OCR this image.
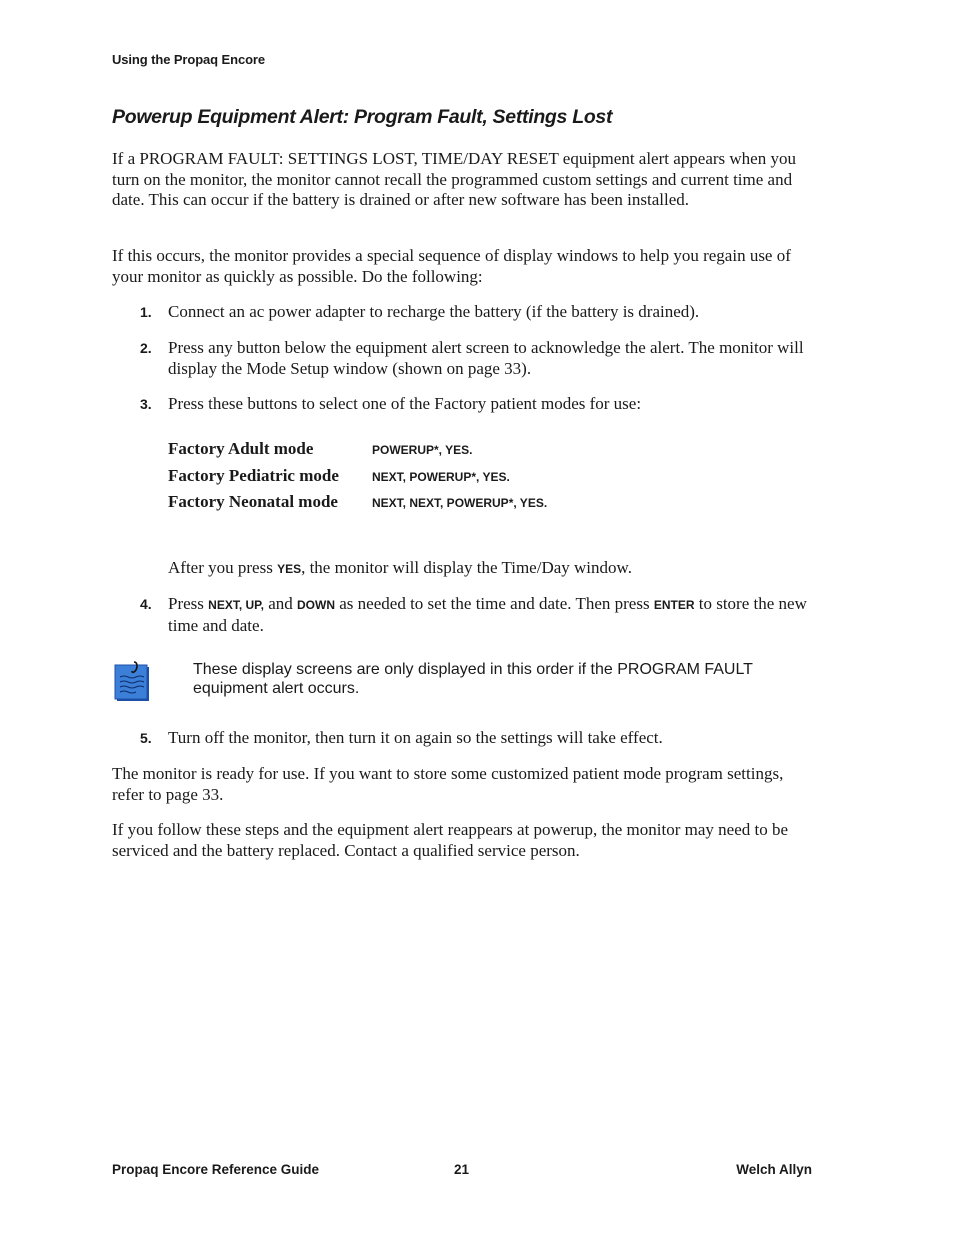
Using the Propaq Encore
Powerup Equipment Alert: Program Fault, Settings Lost
If a PROGRAM FAULT: SETTINGS LOST, TIME/DAY RESET equipment alert appears when you turn on the monitor, the monitor cannot recall the programmed custom settings and current time and date. This can occur if the battery is drained or after new software has been installed.
If this occurs, the monitor provides a special sequence of display windows to help you regain use of your monitor as quickly as possible. Do the following:
1. Connect an ac power adapter to recharge the battery (if the battery is drained).
2. Press any button below the equipment alert screen to acknowledge the alert. The monitor will display the Mode Setup window (shown on page 33).
3. Press these buttons to select one of the Factory patient modes for use:
Factory Adult mode	POWERUP*, YES.
Factory Pediatric mode	NEXT, POWERUP*, YES.
Factory Neonatal mode	NEXT, NEXT, POWERUP*, YES.
After you press YES, the monitor will display the Time/Day window.
4. Press NEXT, UP, and DOWN as needed to set the time and date. Then press ENTER to store the new time and date.
These display screens are only displayed in this order if the PROGRAM FAULT equipment alert occurs.
5. Turn off the monitor, then turn it on again so the settings will take effect.
The monitor is ready for use. If you want to store some customized patient mode program settings, refer to page 33.
If you follow these steps and the equipment alert reappears at powerup, the monitor may need to be serviced and the battery replaced. Contact a qualified service person.
Propaq Encore Reference Guide	21	Welch Allyn
